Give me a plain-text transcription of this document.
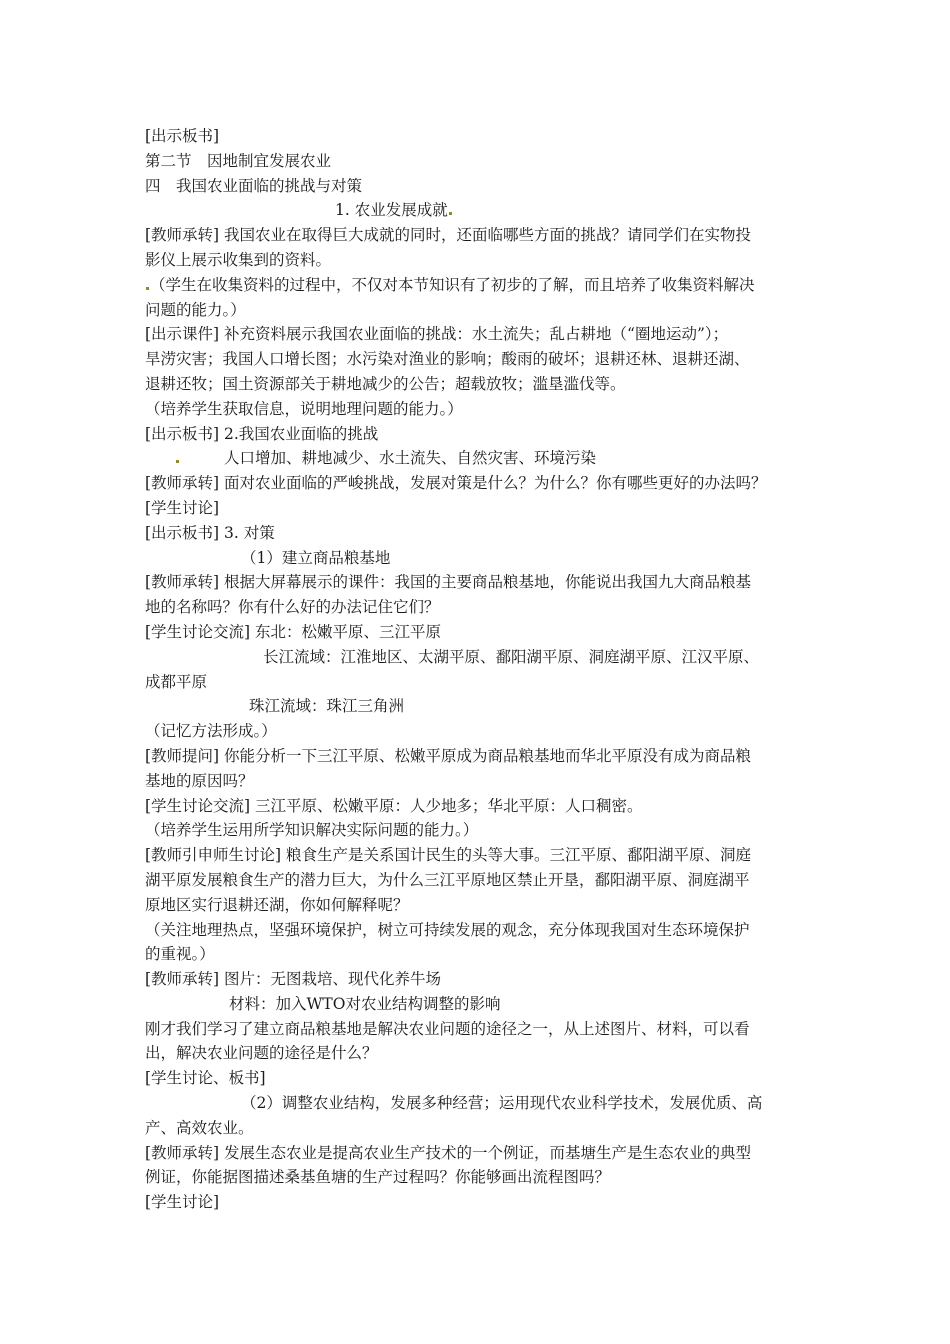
[出示板书]
第二节　因地制宜发展农业
四　我国农业面临的挑战与对策
1. 农业发展成就
[教师承转] 我国农业在取得巨大成就的同时，还面临哪些方面的挑战？请同学们在实物投
影仪上展示收集到的资料。
（学生在收集资料的过程中，不仅对本节知识有了初步的了解，而且培养了收集资料解决
问题的能力。）
[出示课件] 补充资料展示我国农业面临的挑战：水土流失；乱占耕地（“圈地运动”）；
旱涝灾害；我国人口增长图；水污染对渔业的影响；酸雨的破坏；退耕还林、退耕还湖、
退耕还牧；国土资源部关于耕地减少的公告；超载放牧；滥垦滥伐等。
（培养学生获取信息，说明地理问题的能力。）
[出示板书] 2.我国农业面临的挑战
人口增加、耕地减少、水土流失、自然灾害、环境污染
[教师承转] 面对农业面临的严峻挑战，发展对策是什么？为什么？你有哪些更好的办法吗？
[学生讨论]
[出示板书] 3. 对策
（1）建立商品粮基地
[教师承转] 根据大屏幕展示的课件：我国的主要商品粮基地，你能说出我国九大商品粮基
地的名称吗？你有什么好的办法记住它们？
[学生讨论交流] 东北：松嫩平原、三江平原
长江流域：江淮地区、太湖平原、鄱阳湖平原、洞庭湖平原、江汉平原、
成都平原
珠江流域：珠江三角洲
（记忆方法形成。）
[教师提问] 你能分析一下三江平原、松嫩平原成为商品粮基地而华北平原没有成为商品粮
基地的原因吗？
[学生讨论交流] 三江平原、松嫩平原：人少地多；华北平原：人口稠密。
（培养学生运用所学知识解决实际问题的能力。）
[教师引申师生讨论] 粮食生产是关系国计民生的头等大事。三江平原、鄱阳湖平原、洞庭
湖平原发展粮食生产的潜力巨大，为什么三江平原地区禁止开垦，鄱阳湖平原、洞庭湖平
原地区实行退耕还湖，你如何解释呢？
（关注地理热点，坚强环境保护，树立可持续发展的观念，充分体现我国对生态环境保护
的重视。）
[教师承转] 图片：无图栽培、现代化养牛场
材料：加入WTO对农业结构调整的影响
刚才我们学习了建立商品粮基地是解决农业问题的途径之一，从上述图片、材料，可以看
出，解决农业问题的途径是什么？
[学生讨论、板书]
（2）调整农业结构，发展多种经营；运用现代农业科学技术，发展优质、高
产、高效农业。
[教师承转] 发展生态农业是提高农业生产技术的一个例证，而基塘生产是生态农业的典型
例证，你能据图描述桑基鱼塘的生产过程吗？你能够画出流程图吗？
[学生讨论]
